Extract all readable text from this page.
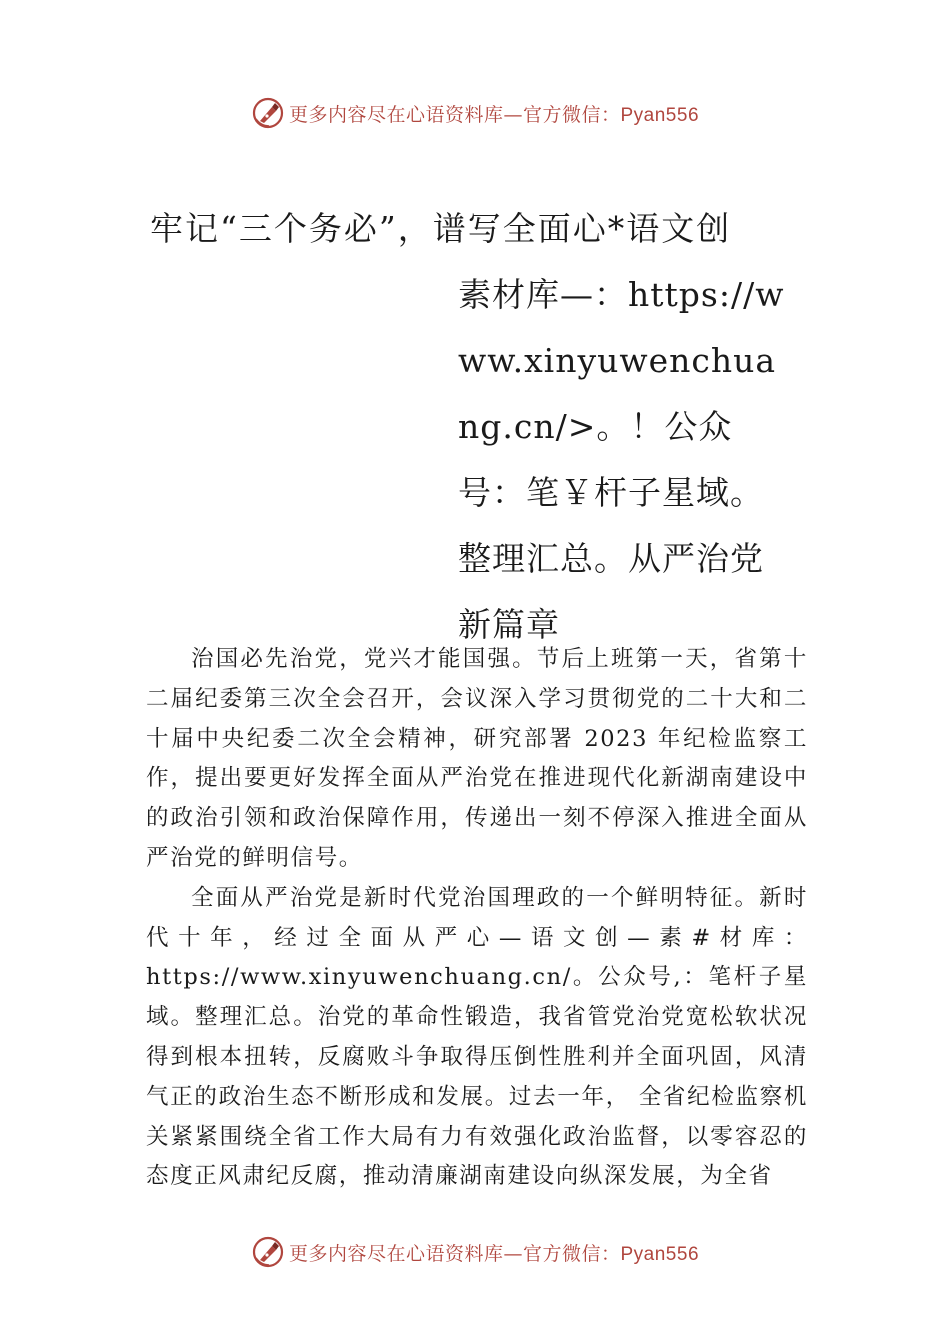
更多内容尽在心语资料库—官方微信：Pyan556
牢记“三个务必”，谱写全面心*语文创
素材库—：https://www.xinyuwenchuang.cn/>。！公众号：笔￥杆子星域。整理汇总。从严治党新篇章

治国必先治党，党兴才能国强。节后上班第一天，省第十二届纪委第三次全会召开，会议深入学习贯彻党的二十大和二十届中央纪委二次全会精神，研究部署 2023 年纪检监察工作，提出要更好发挥全面从严治党在推进现代化新湖南建设中的政治引领和政治保障作用，传递出一刻不停深入推进全面从严治党的鲜明信号。

全面从严治党是新时代党治国理政的一个鲜明特征。新时代十年，经过全面从严心—语文创—素#材库：https://www.xinyuwenchuang.cn/。公众号,：笔杆子星域。整理汇总。治党的革命性锻造，我省管党治党宽松软状况得到根本扭转，反腐败斗争取得压倒性胜利并全面巩固，风清气正的政治生态不断形成和发展。过去一年， 全省纪检监察机关紧紧围绕全省工作大局有力有效强化政治监督，以零容忍的态度正风肃纪反腐，推动清廉湖南建设向纵深发展，为全省

更多内容尽在心语资料库—官方微信：Pyan556
